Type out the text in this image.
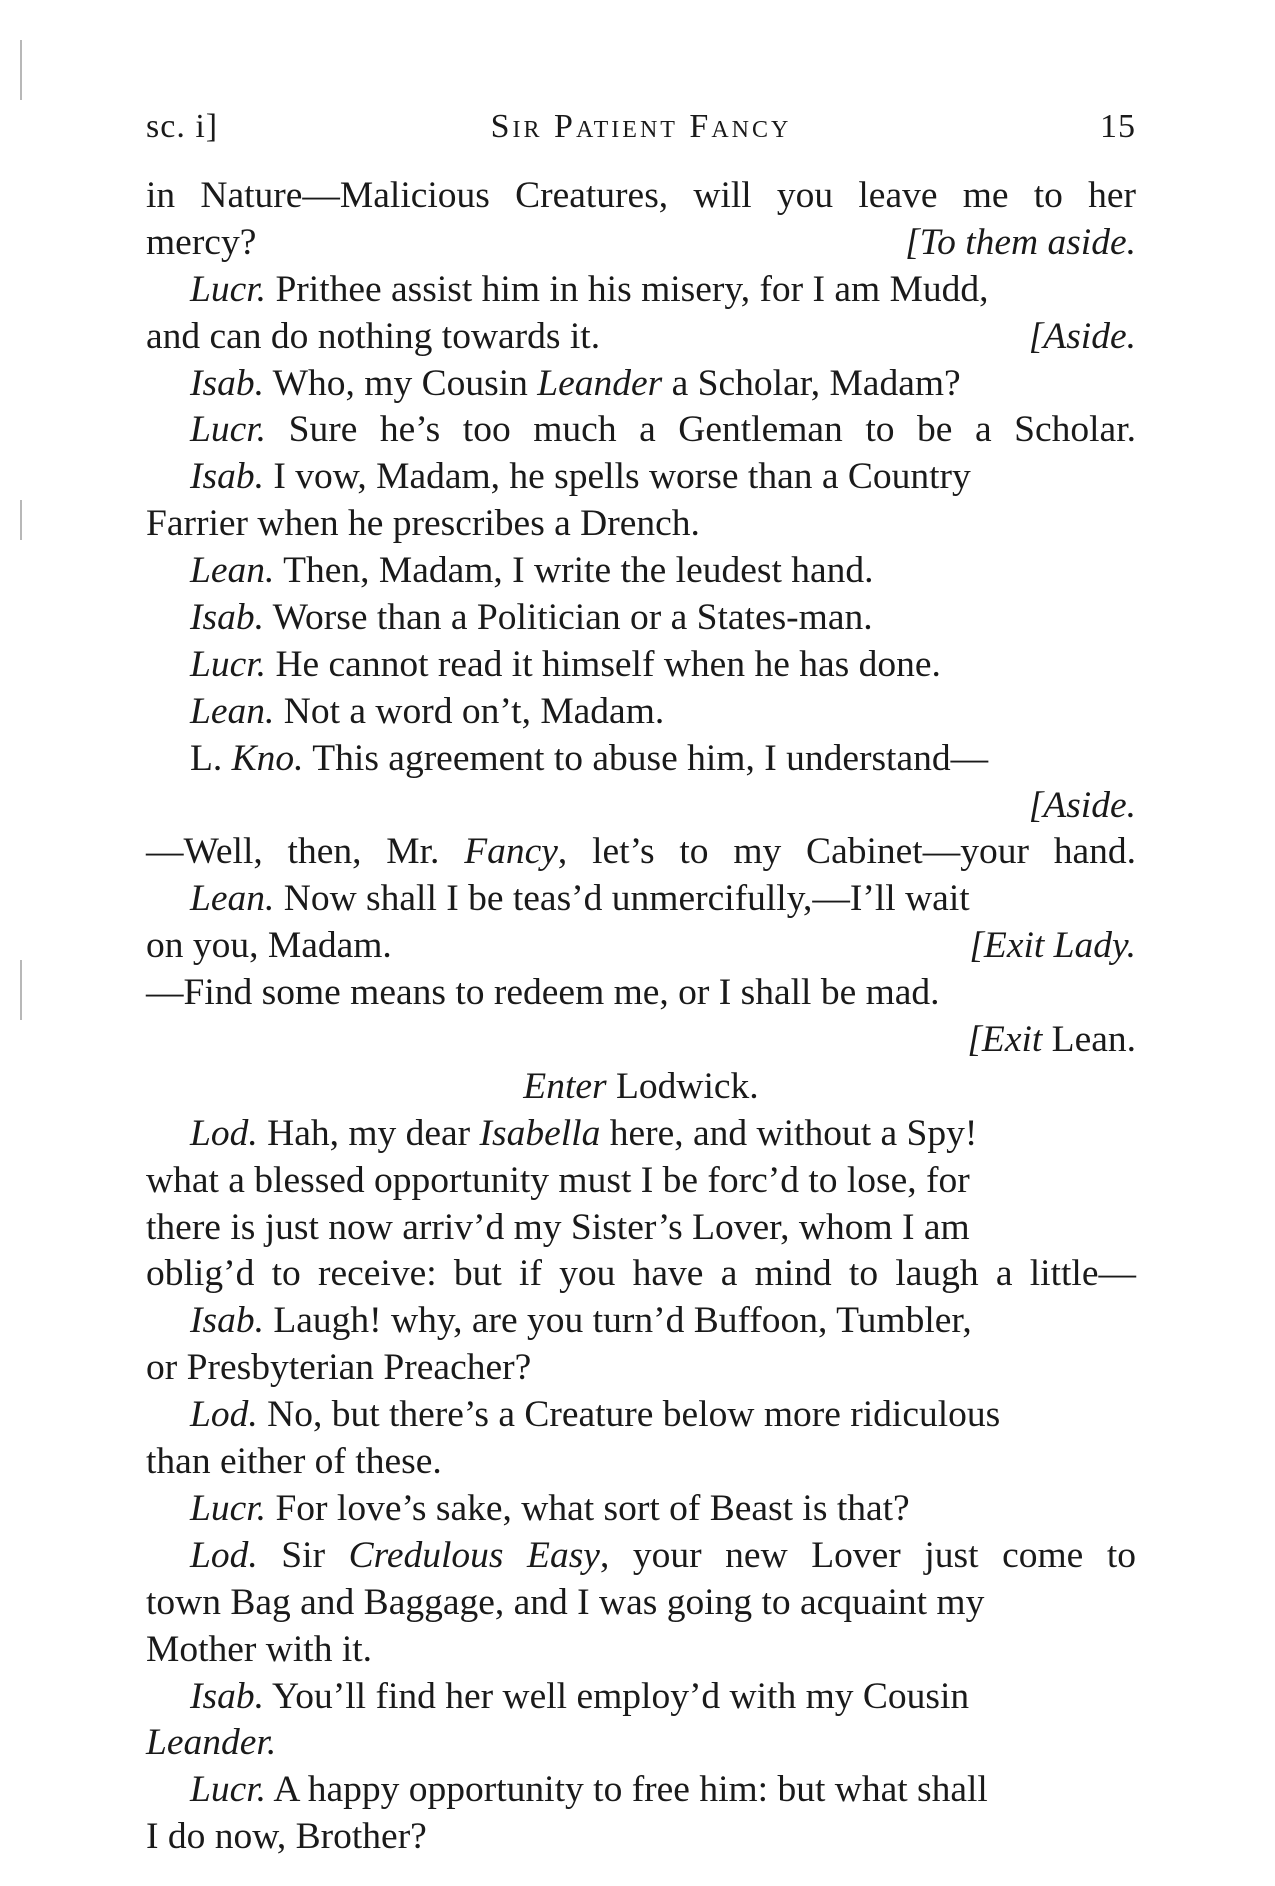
sc. i]	Sir Patient Fancy	15
in Nature—Malicious Creatures, will you leave me to her
mercy?	[To them aside.
Lucr. Prithee assist him in his misery, for I am Mudd,
and can do nothing towards it.	[Aside.
Isab. Who, my Cousin Leander a Scholar, Madam?
Lucr. Sure he’s too much a Gentleman to be a Scholar.
Isab. I vow, Madam, he spells worse than a Country
Farrier when he prescribes a Drench.
Lean. Then, Madam, I write the leudest hand.
Isab. Worse than a Politician or a States-man.
Lucr. He cannot read it himself when he has done.
Lean. Not a word on’t, Madam.
L. Kno. This agreement to abuse him, I understand—
[Aside.
—Well, then, Mr. Fancy, let’s to my Cabinet—your hand.
Lean. Now shall I be teas’d unmercifully,—I’ll wait
on you, Madam.	[Exit Lady.
—Find some means to redeem me, or I shall be mad.
[Exit Lean.
Enter Lodwick.
Lod. Hah, my dear Isabella here, and without a Spy!
what a blessed opportunity must I be forc’d to lose, for
there is just now arriv’d my Sister’s Lover, whom I am
oblig’d to receive: but if you have a mind to laugh a little—
Isab. Laugh! why, are you turn’d Buffoon, Tumbler,
or Presbyterian Preacher?
Lod. No, but there’s a Creature below more ridiculous
than either of these.
Lucr. For love’s sake, what sort of Beast is that?
Lod. Sir Credulous Easy, your new Lover just come to
town Bag and Baggage, and I was going to acquaint my
Mother with it.
Isab. You’ll find her well employ’d with my Cousin
Leander.
Lucr. A happy opportunity to free him: but what shall
I do now, Brother?
